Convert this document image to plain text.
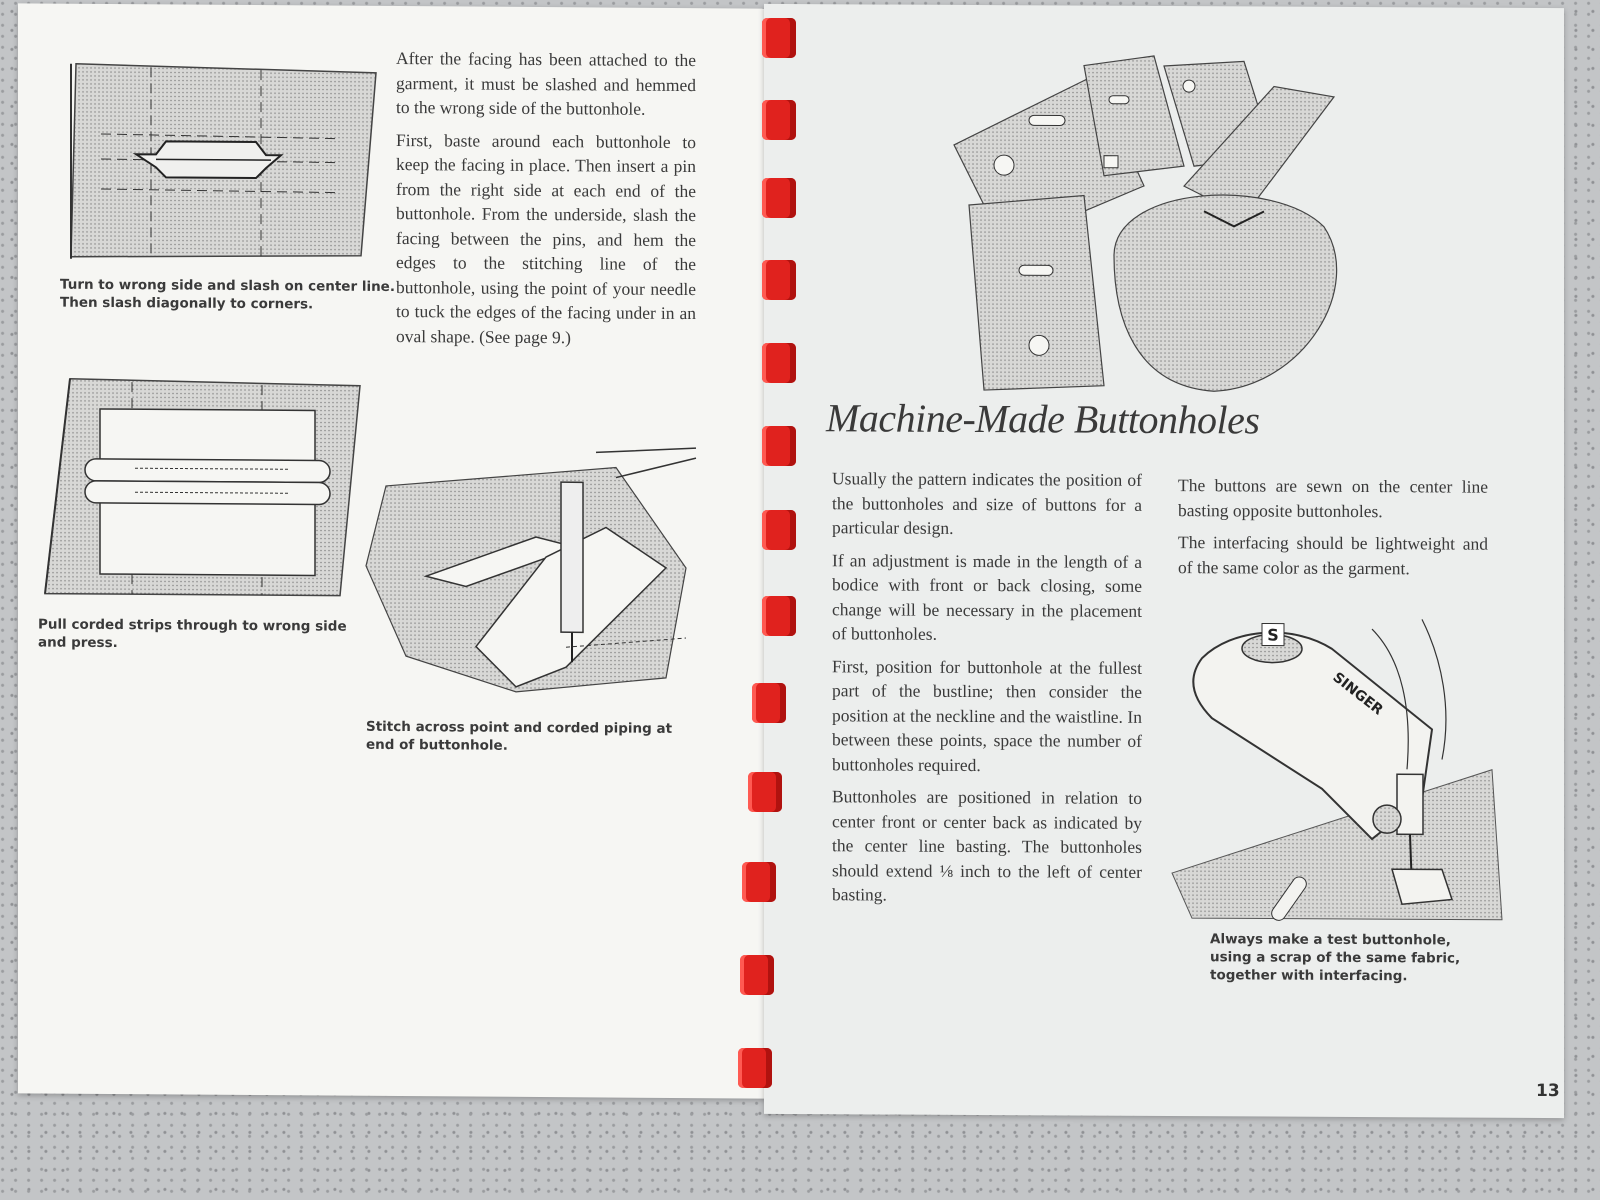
Turn to wrong side and slash on center line.
Then slash diagonally to corners.
Pull corded strips through to wrong side
and press.

After the facing has been attached to the garment, it must be slashed and hemmed to the wrong side of the buttonhole.

First, baste around each buttonhole to keep the facing in place. Then insert a pin from the right side at each end of the buttonhole. From the underside, slash the facing between the pins, and hem the edges to the stitching line of the buttonhole, using the point of your needle to tuck the edges of the facing under in an oval shape. (See page 9.)

Stitch across point and corded piping at
end of buttonhole.
Machine-Made Buttonholes

Usually the pattern indicates the position of the buttonholes and size of buttons for a particular design.

If an adjustment is made in the length of a bodice with front or back closing, some change will be necessary in the placement of buttonholes.

First, position for buttonhole at the fullest part of the bustline; then consider the position at the neckline and the waistline. In between these points, space the number of buttonholes required.

Buttonholes are positioned in relation to center front or center back as indicated by the center line basting. The buttonholes should extend ⅛ inch to the left of center basting.

The buttons are sewn on the center line basting opposite buttonholes.

The interfacing should be lightweight and of the same color as the garment.

S
SINGER
Always make a test buttonhole,
using a scrap of the same fabric,
together with interfacing.
13
